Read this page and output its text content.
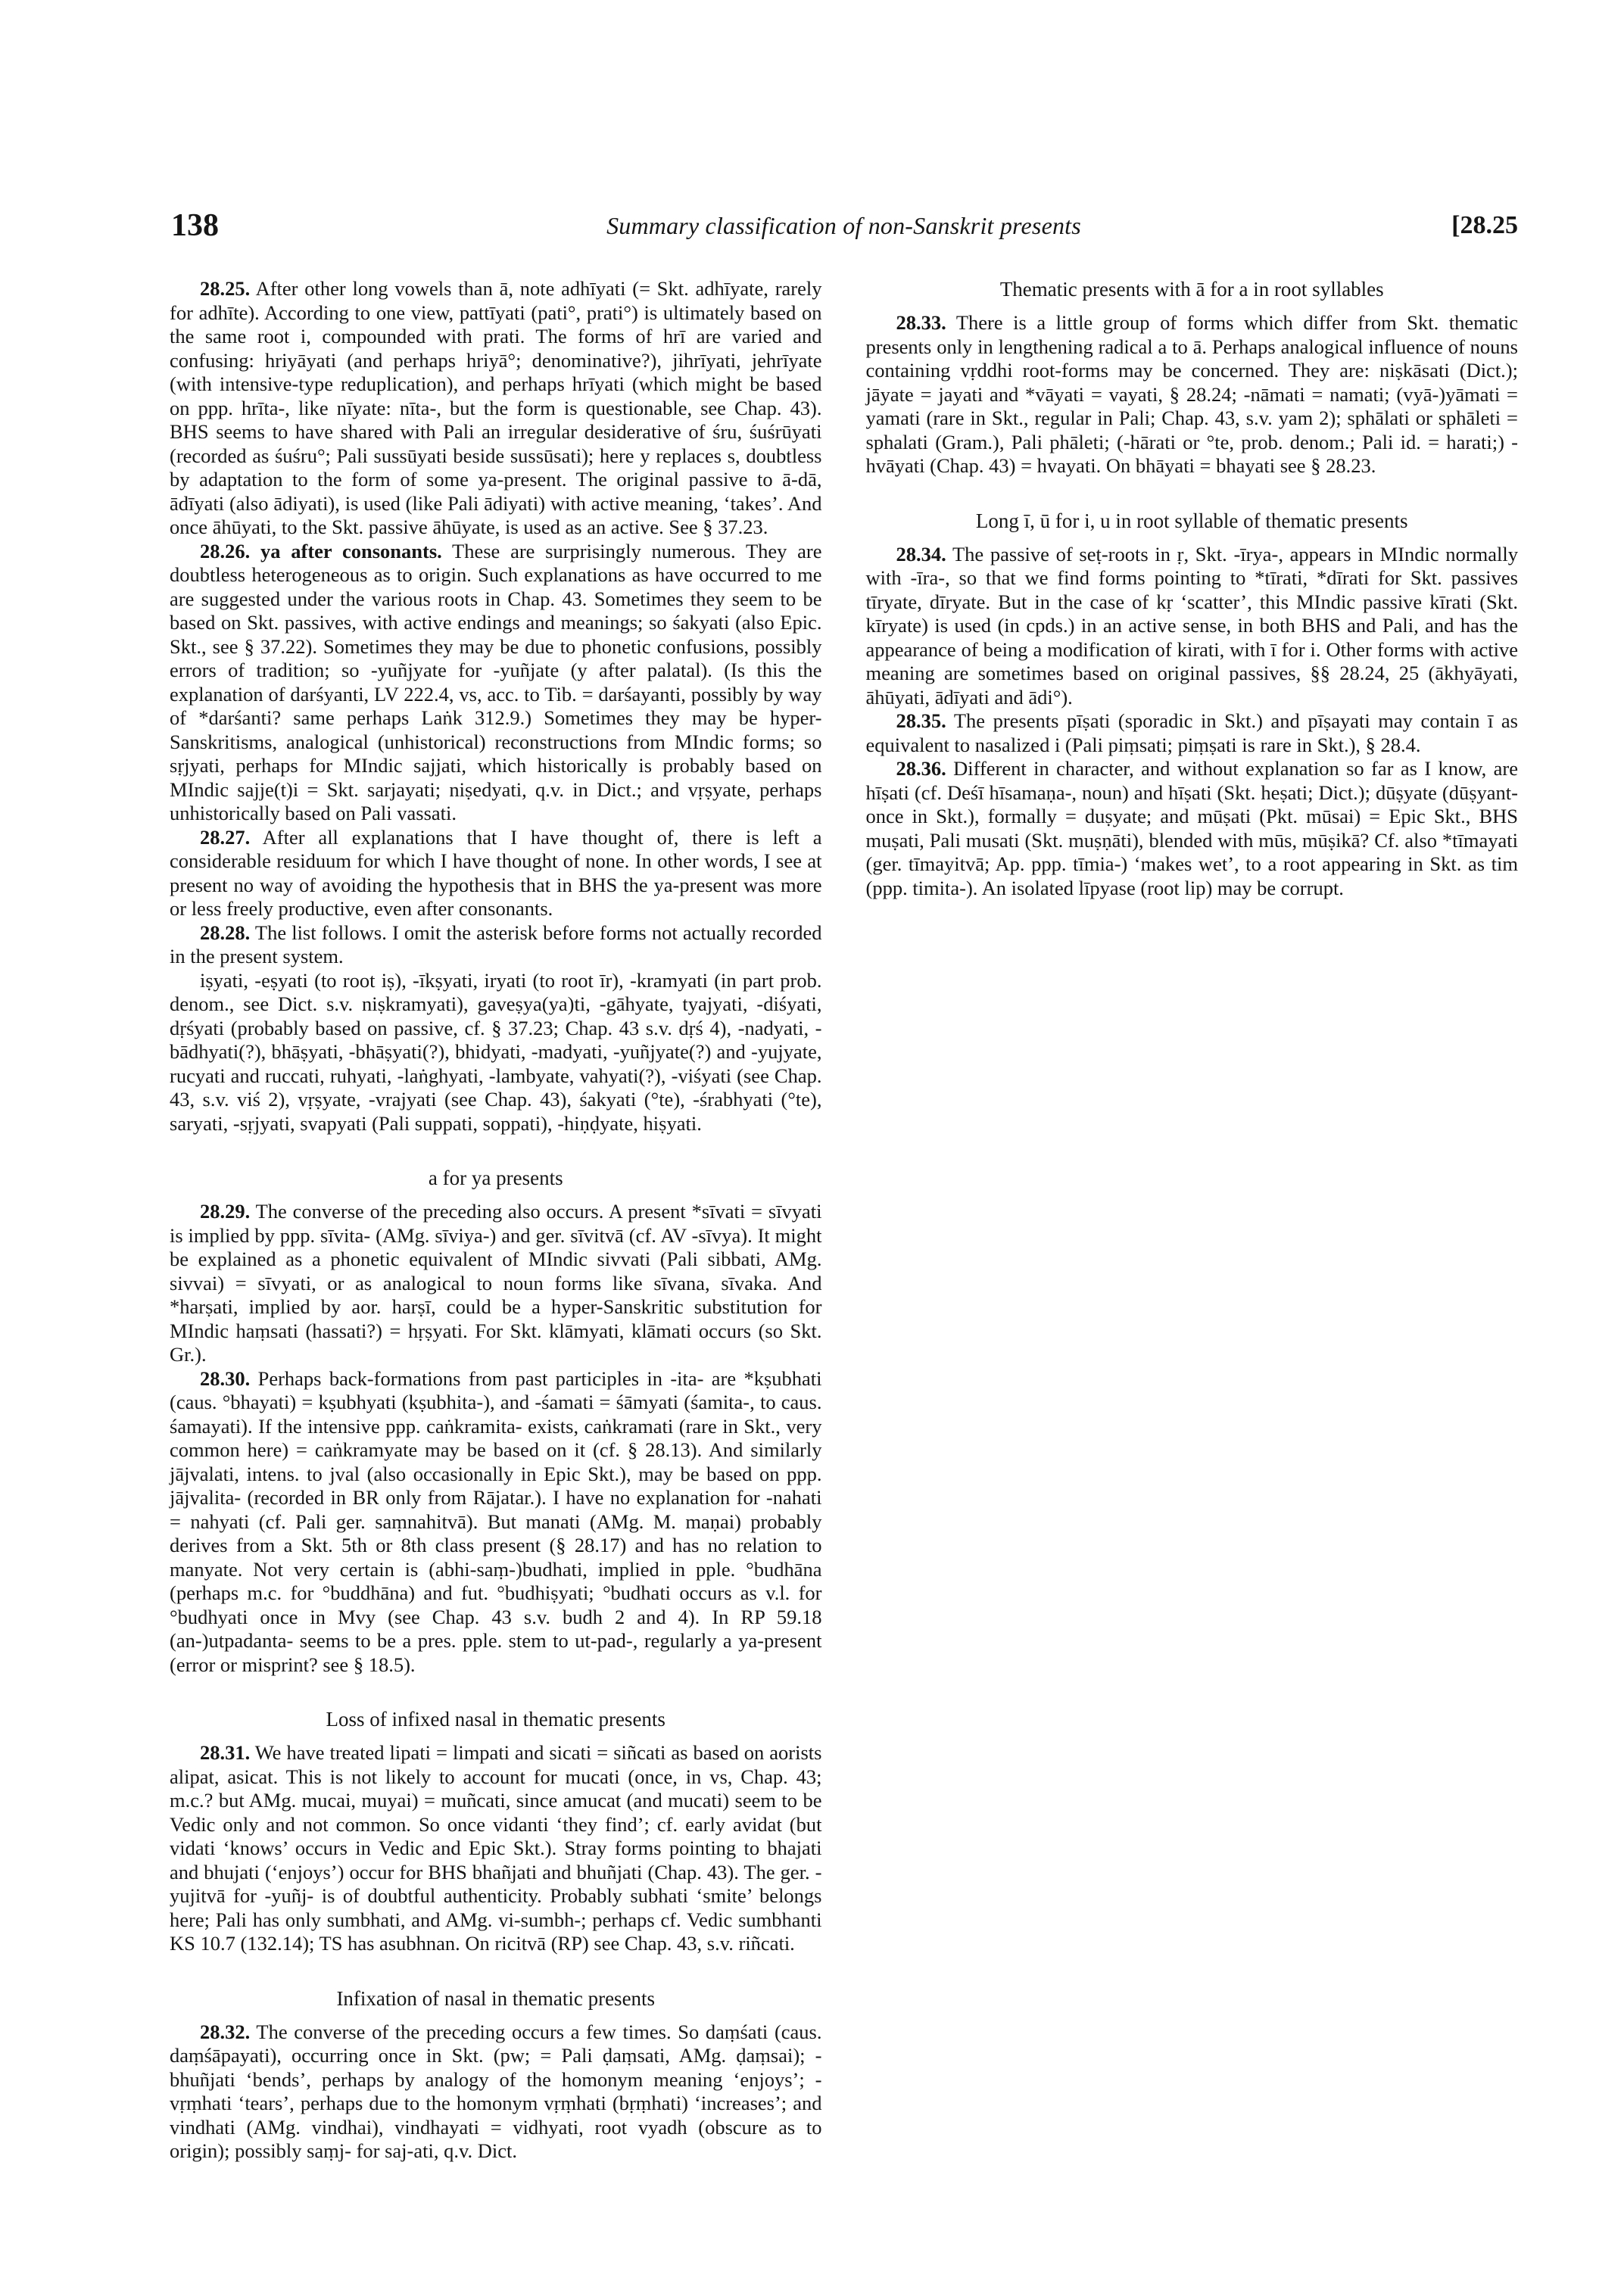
138	Summary classification of non-Sanskrit presents	[28.25

28.25. After other long vowels than ā, note adhīyati (= Skt. adhīyate, rarely for adhīte). According to one view, pattīyati (pati°, prati°) is ultimately based on the same root i, compounded with prati. The forms of hrī are varied and confusing: hriyāyati (and perhaps hriyā°; denominative?), jihrīyati, jehrīyate (with intensive-type reduplication), and perhaps hrīyati (which might be based on ppp. hrīta-, like nīyate: nīta-, but the form is questionable, see Chap. 43). BHS seems to have shared with Pali an irregular desiderative of śru, śuśrūyati (recorded as śuśru°; Pali sussūyati beside sussūsati); here y replaces s, doubtless by adaptation to the form of some ya-present. The original passive to ā-dā, ādīyati (also ādiyati), is used (like Pali ādiyati) with active meaning, ‘takes’. And once āhūyati, to the Skt. passive āhūyate, is used as an active. See § 37.23.

28.26. ya after consonants. These are surprisingly numerous. They are doubtless heterogeneous as to origin. Such explanations as have occurred to me are suggested under the various roots in Chap. 43. Sometimes they seem to be based on Skt. passives, with active endings and meanings; so śakyati (also Epic. Skt., see § 37.22). Sometimes they may be due to phonetic confusions, possibly errors of tradition; so -yuñjyate for -yuñjate (y after palatal). (Is this the explanation of darśyanti, LV 222.4, vs, acc. to Tib. = darśayanti, possibly by way of *darśanti? same perhaps Laṅk 312.9.) Sometimes they may be hyper-Sanskritisms, analogical (unhistorical) reconstructions from MIndic forms; so sṛjyati, perhaps for MIndic sajjati, which historically is probably based on MIndic sajje(t)i = Skt. sarjayati; niṣedyati, q.v. in Dict.; and vṛṣyate, perhaps unhistorically based on Pali vassati.

28.27. After all explanations that I have thought of, there is left a considerable residuum for which I have thought of none. In other words, I see at present no way of avoiding the hypothesis that in BHS the ya-present was more or less freely productive, even after consonants.

28.28. The list follows. I omit the asterisk before forms not actually recorded in the present system.

iṣyati, -eṣyati (to root iṣ), -īkṣyati, iryati (to root īr), -kramyati (in part prob. denom., see Dict. s.v. niṣkramyati), gaveṣya(ya)ti, -gāhyate, tyajyati, -diśyati, dṛśyati (probably based on passive, cf. § 37.23; Chap. 43 s.v. dṛś 4), -nadyati, -bādhyati(?), bhāṣyati, -bhāṣyati(?), bhidyati, -madyati, -yuñjyate(?) and -yujyate, rucyati and ruccati, ruhyati, -laṅghyati, -lambyate, vahyati(?), -viśyati (see Chap. 43, s.v. viś 2), vṛṣyate, -vrajyati (see Chap. 43), śakyati (°te), -śrabhyati (°te), saryati, -sṛjyati, svapyati (Pali suppati, soppati), -hiṇḍyate, hiṣyati.

a for ya presents

28.29. The converse of the preceding also occurs. A present *sīvati = sīvyati is implied by ppp. sīvita- (AMg. sīviya-) and ger. sīvitvā (cf. AV -sīvya). It might be explained as a phonetic equivalent of MIndic sivvati (Pali sibbati, AMg. sivvai) = sīvyati, or as analogical to noun forms like sīvana, sīvaka. And *harṣati, implied by aor. harṣī, could be a hyper-Sanskritic substitution for MIndic haṃsati (hassati?) = hṛṣyati. For Skt. klāmyati, klāmati occurs (so Skt. Gr.).

28.30. Perhaps back-formations from past participles in -ita- are *kṣubhati (caus. °bhayati) = kṣubhyati (kṣubhita-), and -śamati = śāmyati (śamita-, to caus. śamayati). If the intensive ppp. caṅkramita- exists, caṅkramati (rare in Skt., very common here) = caṅkramyate may be based on it (cf. § 28.13). And similarly jājvalati, intens. to jval (also occasionally in Epic Skt.), may be based on ppp. jājvalita- (recorded in BR only from Rājatar.). I have no explanation for -nahati = nahyati (cf. Pali ger. saṃnahitvā). But manati (AMg. M. maṇai) probably derives from a Skt. 5th or 8th class present (§ 28.17) and has no relation to manyate. Not very certain is (abhi-saṃ-)budhati, implied in pple. °budhāna (perhaps m.c. for °buddhāna) and fut. °budhiṣyati; °budhati occurs as v.l. for °budhyati once in Mvy (see Chap. 43 s.v. budh 2 and 4). In RP 59.18 (an-)utpadanta- seems to be a pres. pple. stem to ut-pad-, regularly a ya-present (error or misprint? see § 18.5).

Loss of infixed nasal in thematic presents

28.31. We have treated lipati = limpati and sicati = siñcati as based on aorists alipat, asicat. This is not likely to account for mucati (once, in vs, Chap. 43; m.c.? but AMg. mucai, muyai) = muñcati, since amucat (and mucati) seem to be Vedic only and not common. So once vidanti ‘they find’; cf. early avidat (but vidati ‘knows’ occurs in Vedic and Epic Skt.). Stray forms pointing to bhajati and bhujati (‘enjoys’) occur for BHS bhañjati and bhuñjati (Chap. 43). The ger. -yujitvā for -yuñj- is of doubtful authenticity. Probably subhati ‘smite’ belongs here; Pali has only sumbhati, and AMg. vi-sumbh-; perhaps cf. Vedic sumbhanti KS 10.7 (132.14); TS has asubhnan. On ricitvā (RP) see Chap. 43, s.v. riñcati.

Infixation of nasal in thematic presents

28.32. The converse of the preceding occurs a few times. So daṃśati (caus. daṃśāpayati), occurring once in Skt. (pw; = Pali ḍaṃsati, AMg. ḍaṃsai); -bhuñjati ‘bends’, perhaps by analogy of the homonym meaning ‘enjoys’; -vṛṃhati ‘tears’, perhaps due to the homonym vṛṃhati (bṛṃhati) ‘increases’; and vindhati (AMg. vindhai), vindhayati = vidhyati, root vyadh (obscure as to origin); possibly saṃj- for saj-ati, q.v. Dict.

Thematic presents with ā for a in root syllables

28.33. There is a little group of forms which differ from Skt. thematic presents only in lengthening radical a to ā. Perhaps analogical influence of nouns containing vṛddhi root-forms may be concerned. They are: niṣkāsati (Dict.); jāyate = jayati and *vāyati = vayati, § 28.24; -nāmati = namati; (vyā-)yāmati = yamati (rare in Skt., regular in Pali; Chap. 43, s.v. yam 2); sphālati or sphāleti = sphalati (Gram.), Pali phāleti; (-hārati or °te, prob. denom.; Pali id. = harati;) -hvāyati (Chap. 43) = hvayati. On bhāyati = bhayati see § 28.23.

Long ī, ū for i, u in root syllable of thematic presents

28.34. The passive of seṭ-roots in ṛ, Skt. -īrya-, appears in MIndic normally with -īra-, so that we find forms pointing to *tīrati, *dīrati for Skt. passives tīryate, dīryate. But in the case of kṛ ‘scatter’, this MIndic passive kīrati (Skt. kīryate) is used (in cpds.) in an active sense, in both BHS and Pali, and has the appearance of being a modification of kirati, with ī for i. Other forms with active meaning are sometimes based on original passives, §§ 28.24, 25 (ākhyāyati, āhūyati, ādīyati and ādi°).

28.35. The presents pīṣati (sporadic in Skt.) and pīṣayati may contain ī as equivalent to nasalized i (Pali piṃsati; piṃṣati is rare in Skt.), § 28.4.

28.36. Different in character, and without explanation so far as I know, are hīṣati (cf. Deśī hīsamaṇa-, noun) and hīṣati (Skt. heṣati; Dict.); dūṣyate (dūṣyant- once in Skt.), formally = duṣyate; and mūṣati (Pkt. mūsai) = Epic Skt., BHS muṣati, Pali musati (Skt. muṣṇāti), blended with mūs, mūṣikā? Cf. also *tīmayati (ger. tīmayitvā; Ap. ppp. tīmia-) ‘makes wet’, to a root appearing in Skt. as tim (ppp. timita-). An isolated līpyase (root lip) may be corrupt.
